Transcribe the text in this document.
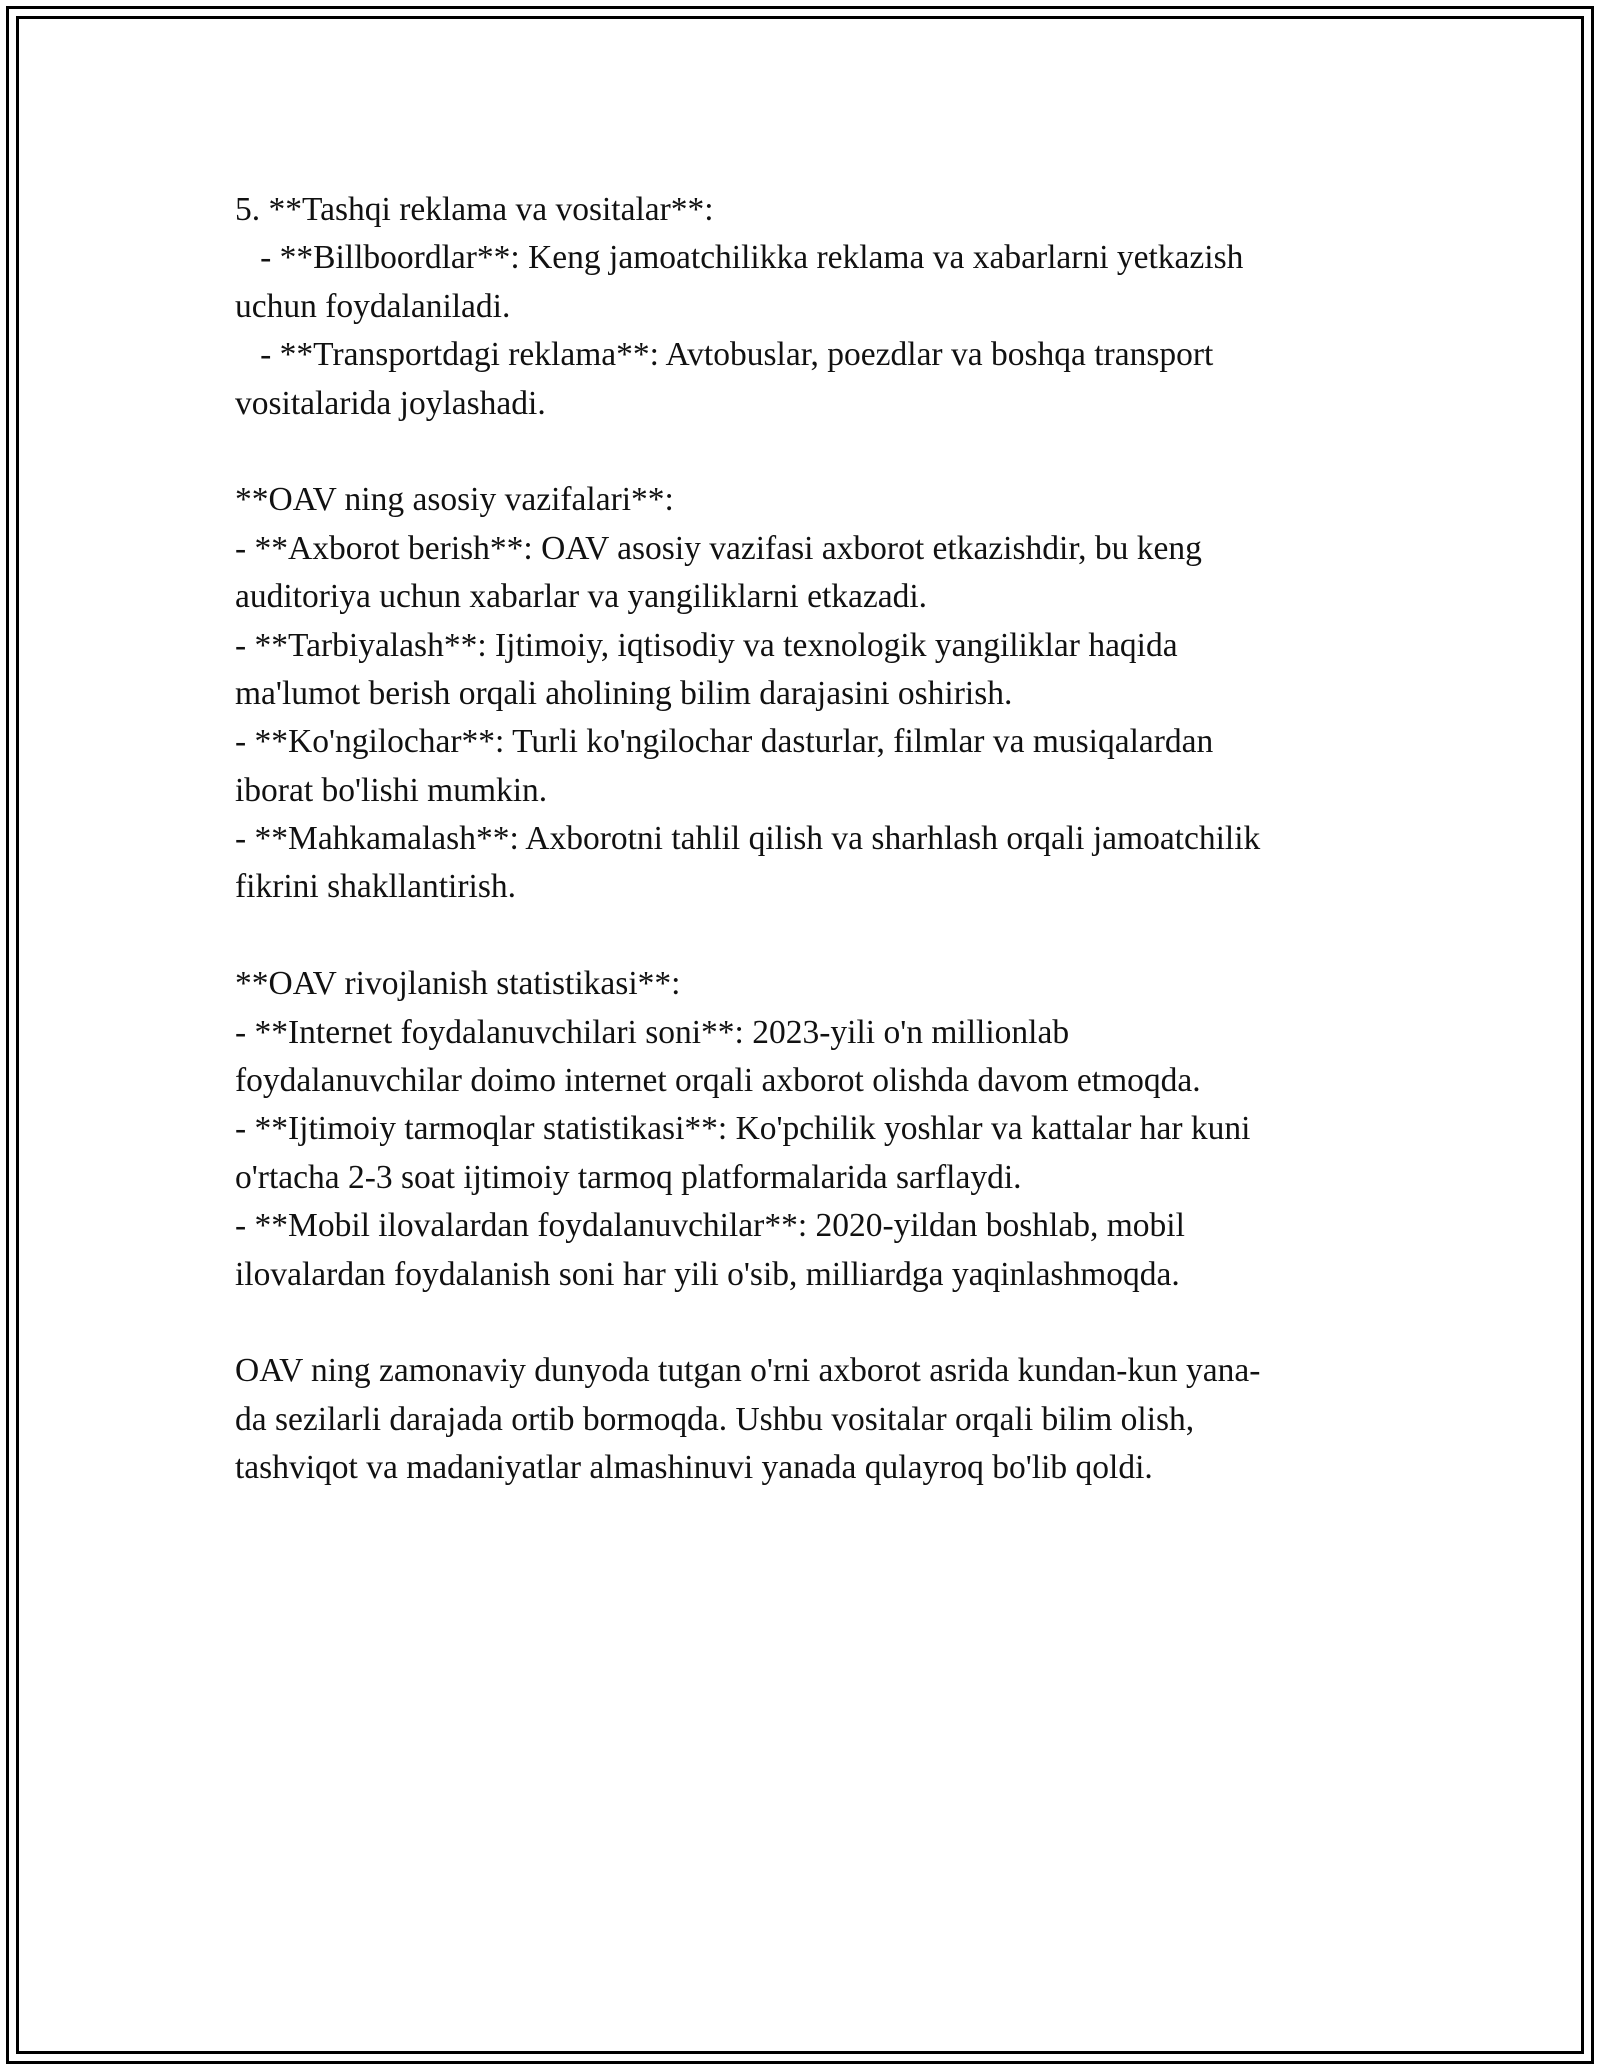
5. **Tashqi reklama va vositalar**:
- **Billboordlar**: Keng jamoatchilikka reklama va xabarlarni yetkazish
uchun foydalaniladi.
- **Transportdagi reklama**: Avtobuslar, poezdlar va boshqa transport
vositalarida joylashadi.
**OAV ning asosiy vazifalari**:
- **Axborot berish**: OAV asosiy vazifasi axborot etkazishdir, bu keng
auditoriya uchun xabarlar va yangiliklarni etkazadi.
- **Tarbiyalash**: Ijtimoiy, iqtisodiy va texnologik yangiliklar haqida
ma'lumot berish orqali aholining bilim darajasini oshirish.
- **Ko'ngilochar**: Turli ko'ngilochar dasturlar, filmlar va musiqalardan
iborat bo'lishi mumkin.
- **Mahkamalash**: Axborotni tahlil qilish va sharhlash orqali jamoatchilik
fikrini shakllantirish.
**OAV rivojlanish statistikasi**:
- **Internet foydalanuvchilari soni**: 2023-yili o'n millionlab
foydalanuvchilar doimo internet orqali axborot olishda davom etmoqda.
- **Ijtimoiy tarmoqlar statistikasi**: Ko'pchilik yoshlar va kattalar har kuni
o'rtacha 2-3 soat ijtimoiy tarmoq platformalarida sarflaydi.
- **Mobil ilovalardan foydalanuvchilar**: 2020-yildan boshlab, mobil
ilovalardan foydalanish soni har yili o'sib, milliardga yaqinlashmoqda.
OAV ning zamonaviy dunyoda tutgan o'rni axborot asrida kundan-kun yana-
da sezilarli darajada ortib bormoqda. Ushbu vositalar orqali bilim olish,
tashviqot va madaniyatlar almashinuvi yanada qulayroq bo'lib qoldi.
